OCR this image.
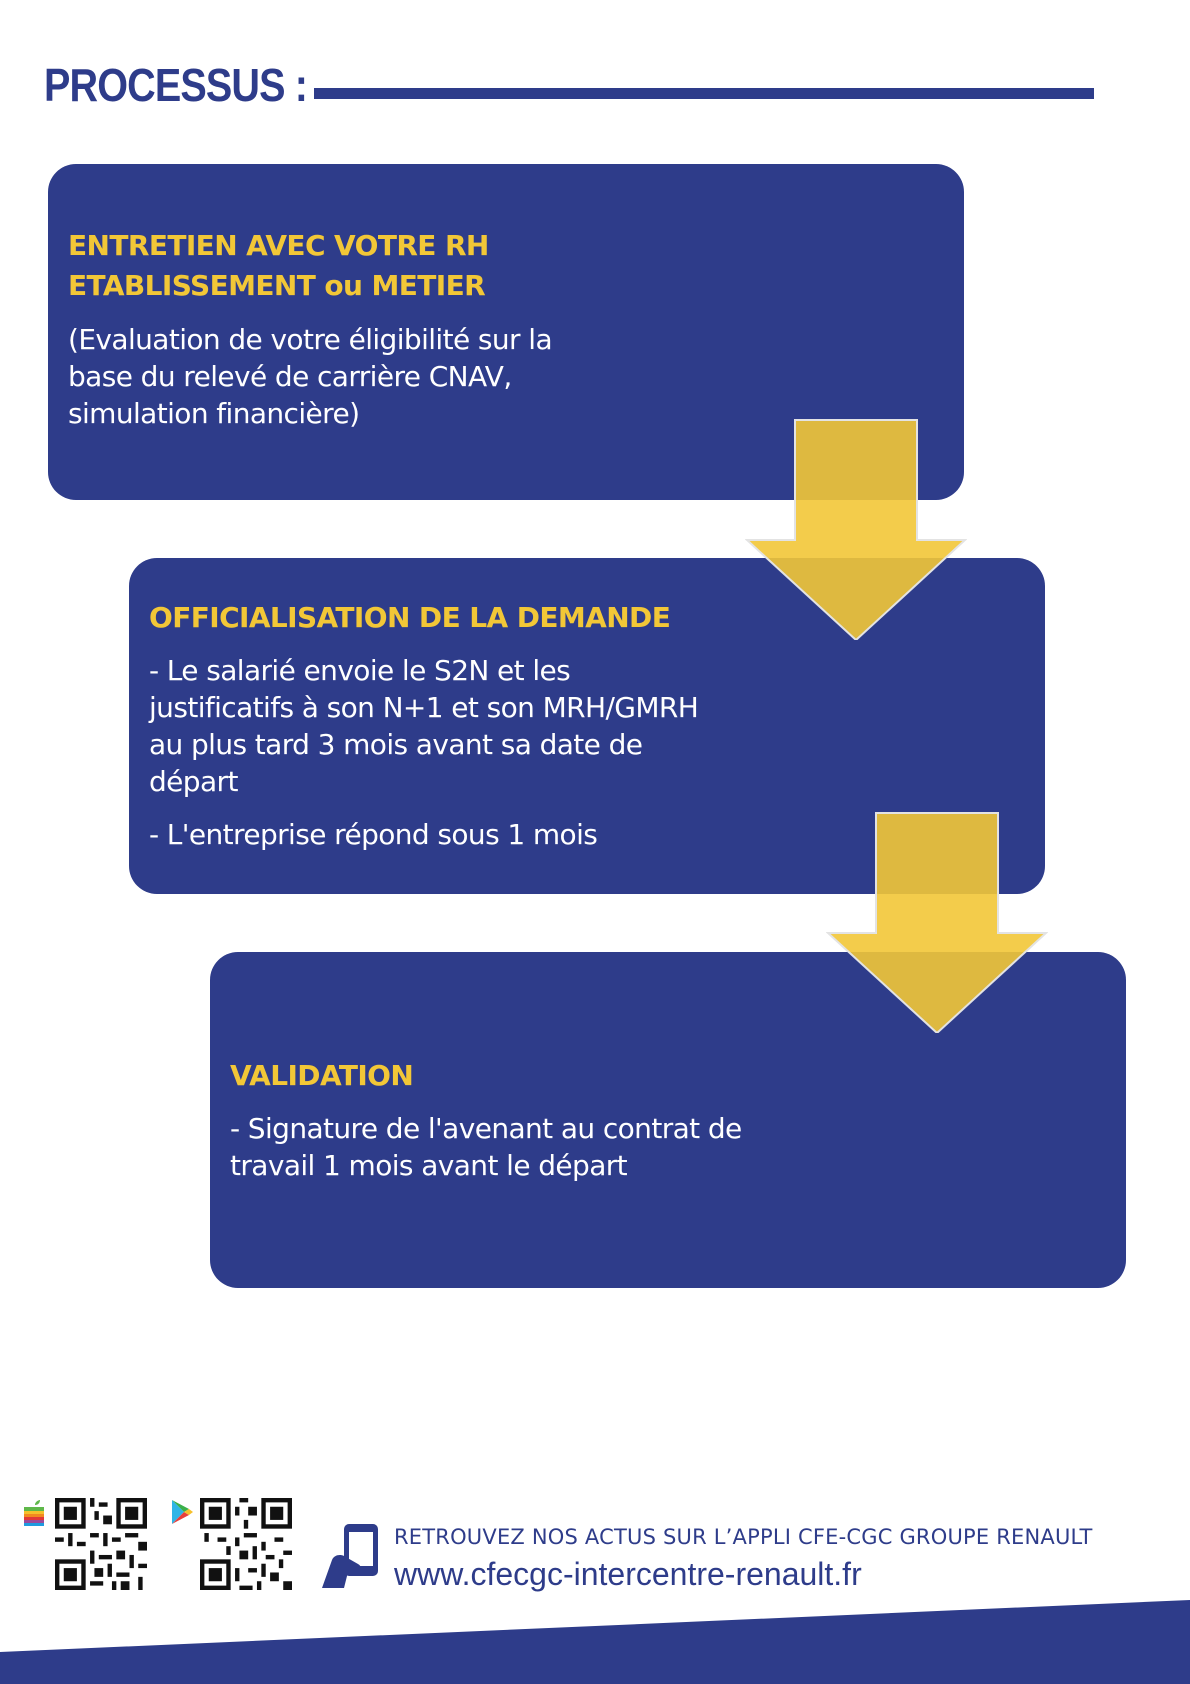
PROCESSUS :
ENTRETIEN AVEC VOTRE RH
ETABLISSEMENT ou METIER

(Evaluation de votre éligibilité sur la base du relevé de carrière CNAV, simulation financière)

OFFICIALISATION DE LA DEMANDE

- Le salarié envoie le S2N et les justificatifs à son N+1 et son MRH/GMRH au plus tard 3 mois avant sa date de départ

- L'entreprise répond sous 1 mois

VALIDATION

- Signature de l'avenant au contrat de travail 1 mois avant le départ

RETROUVEZ NOS ACTUS SUR L’APPLI CFE-CGC GROUPE RENAULT
www.cfecgc-intercentre-renault.fr
